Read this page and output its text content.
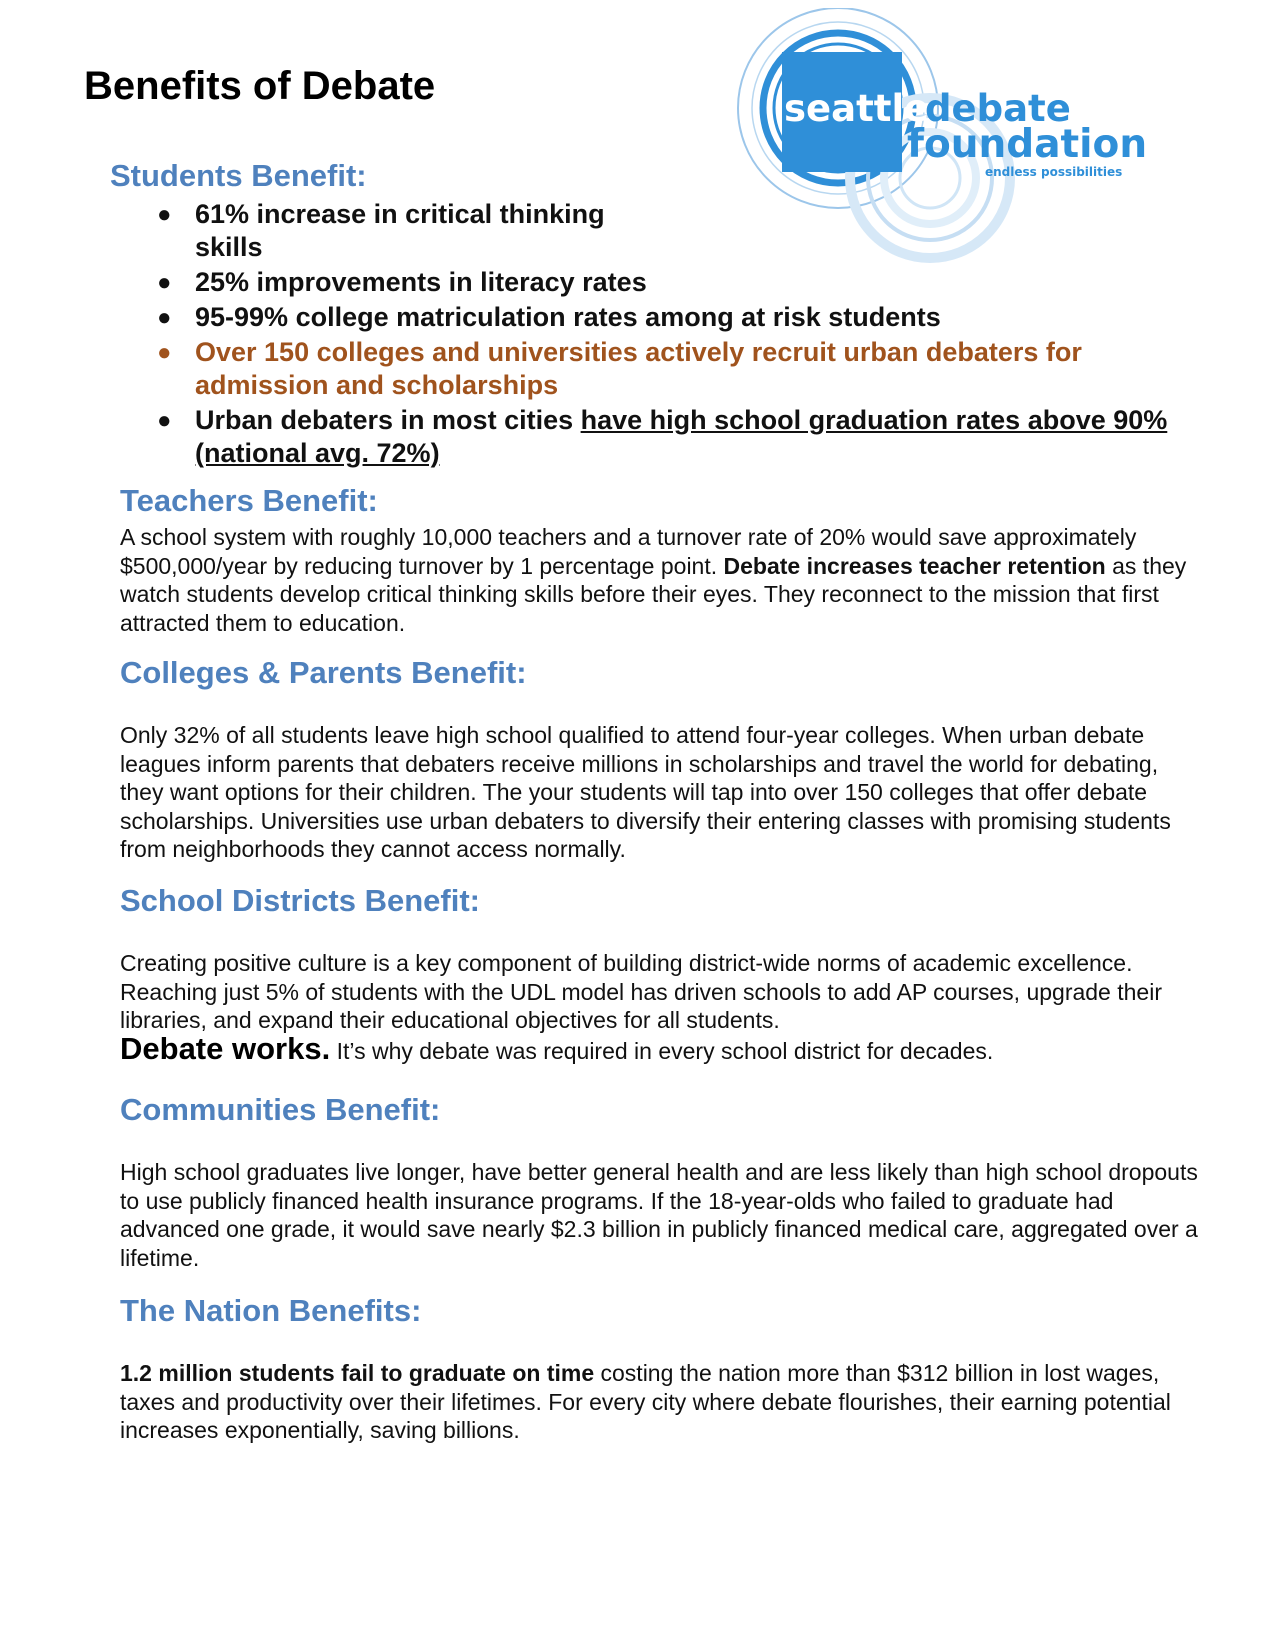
Benefits of Debate
seattle
debate
foundation
endless possibilities
Students Benefit:
● 61% increase in critical thinking skills
● 25% improvements in literacy rates
● 95-99% college matriculation rates among at risk students
● Over 150 colleges and universities actively recruit urban debaters for admission and scholarships
● Urban debaters in most cities have high school graduation rates above 90% (national avg. 72%)
Teachers Benefit:

A school system with roughly 10,000 teachers and a turnover rate of 20% would save approximately $500,000/year by reducing turnover by 1 percentage point. Debate increases teacher retention as they watch students develop critical thinking skills before their eyes. They reconnect to the mission that first attracted them to education.

Colleges & Parents Benefit:

Only 32% of all students leave high school qualified to attend four-year colleges. When urban debate leagues inform parents that debaters receive millions in scholarships and travel the world for debating, they want options for their children. The your students will tap into over 150 colleges that offer debate scholarships. Universities use urban debaters to diversify their entering classes with promising students from neighborhoods they cannot access normally.

School Districts Benefit:

Creating positive culture is a key component of building district-wide norms of academic excellence. Reaching just 5% of students with the UDL model has driven schools to add AP courses, upgrade their libraries, and expand their educational objectives for all students.

Debate works. It’s why debate was required in every school district for decades.

Communities Benefit:

High school graduates live longer, have better general health and are less likely than high school dropouts to use publicly financed health insurance programs. If the 18-year-olds who failed to graduate had advanced one grade, it would save nearly $2.3 billion in publicly financed medical care, aggregated over a lifetime.

The Nation Benefits:

1.2 million students fail to graduate on time costing the nation more than $312 billion in lost wages, taxes and productivity over their lifetimes. For every city where debate flourishes, their earning potential increases exponentially, saving billions.
